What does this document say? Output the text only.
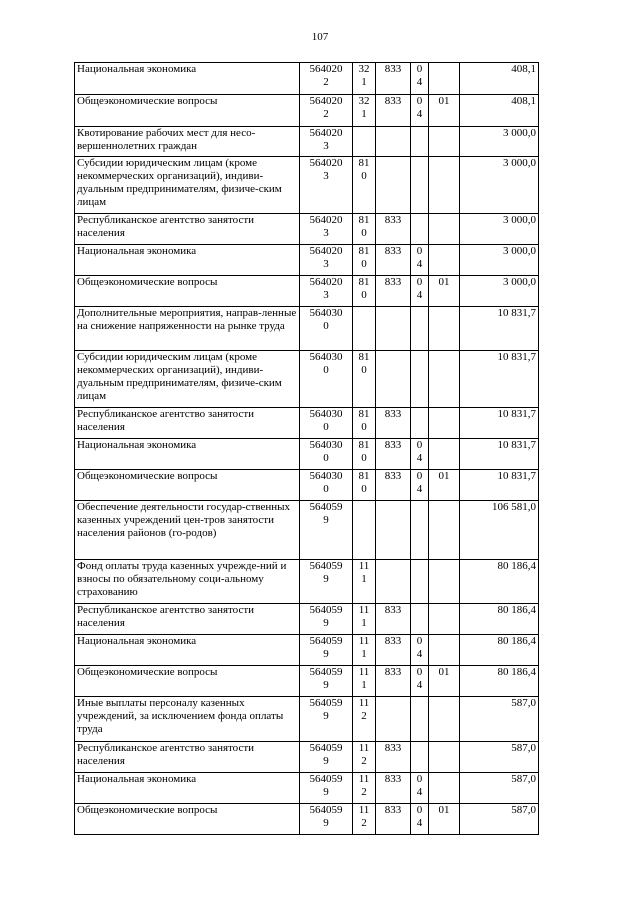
107
Национальная экономика	5640202	321	833	04		408,1
Общеэкономические вопросы	5640202	321	833	04	01	408,1
Квотирование рабочих мест для несо-вершеннолетних граждан	5640203					3 000,0
Субсидии юридическим лицам (кроме некоммерческих организаций), индиви-дуальным предпринимателям, физиче-ским лицам	5640203	810				3 000,0
Республиканское агентство занятости населения	5640203	810	833			3 000,0
Национальная экономика	5640203	810	833	04		3 000,0
Общеэкономические вопросы	5640203	810	833	04	01	3 000,0
Дополнительные мероприятия, направ-ленные на снижение напряженности на рынке труда	5640300					10 831,7
Субсидии юридическим лицам (кроме некоммерческих организаций), индиви-дуальным предпринимателям, физиче-ским лицам	5640300	810				10 831,7
Республиканское агентство занятости населения	5640300	810	833			10 831,7
Национальная экономика	5640300	810	833	04		10 831,7
Общеэкономические вопросы	5640300	810	833	04	01	10 831,7
Обеспечение деятельности государ-ственных казенных учреждений цен-тров занятости населения районов (го-родов)	5640599					106 581,0
Фонд оплаты труда казенных учрежде-ний и взносы по обязательному соци-альному страхованию	5640599	111				80 186,4
Республиканское агентство занятости населения	5640599	111	833			80 186,4
Национальная экономика	5640599	111	833	04		80 186,4
Общеэкономические вопросы	5640599	111	833	04	01	80 186,4
Иные выплаты персоналу казенных учреждений, за исключением фонда оплаты труда	5640599	112				587,0
Республиканское агентство занятости населения	5640599	112	833			587,0
Национальная экономика	5640599	112	833	04		587,0
Общеэкономические вопросы	5640599	112	833	04	01	587,0
